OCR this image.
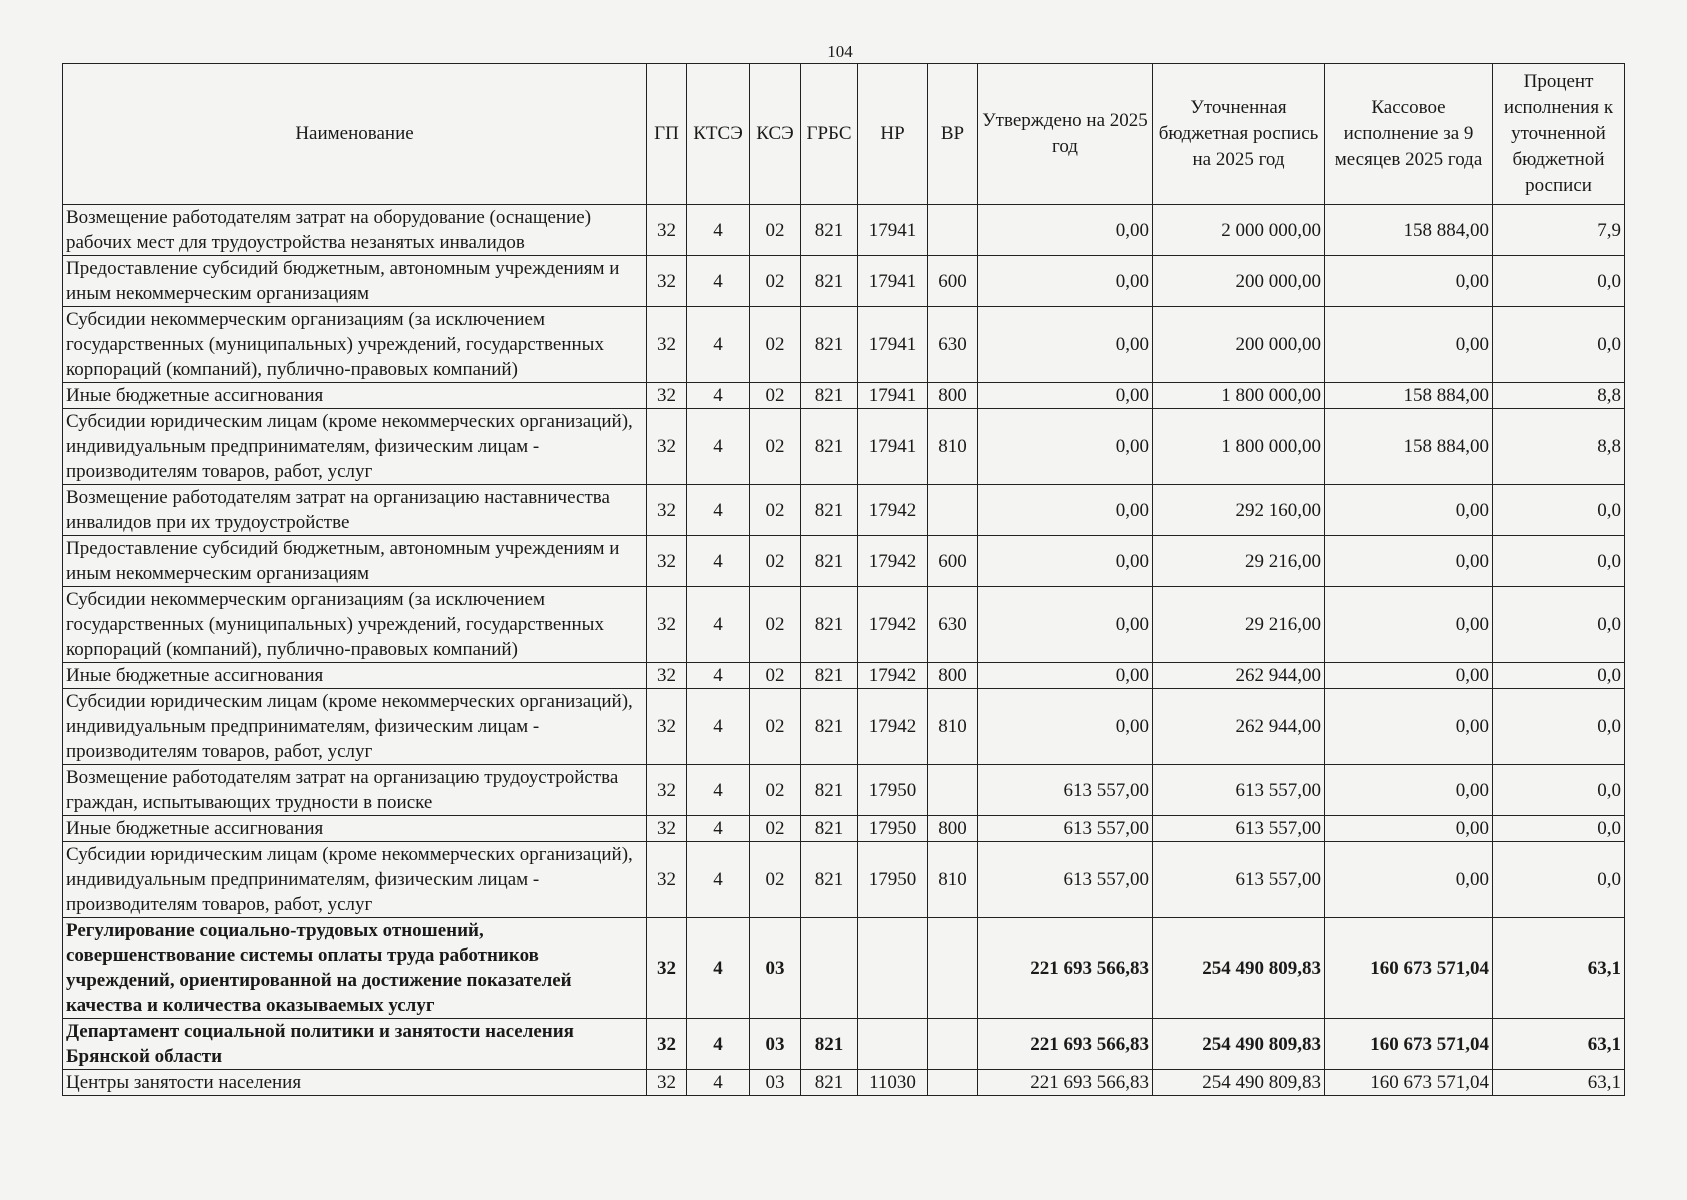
104
Наименование	ГП	КТСЭ	КСЭ	ГРБС	НР	ВР	Утверждено на 2025 год	Уточненная бюджетная роспись на 2025 год	Кассовое исполнение за 9 месяцев 2025 года	Процент исполнения к уточненной бюджетной росписи
Возмещение работодателям затрат на оборудование (оснащение) рабочих мест для трудоустройства незанятых инвалидов	32	4	02	821	17941		0,00	2 000 000,00	158 884,00	7,9
Предоставление субсидий бюджетным, автономным учреждениям и иным некоммерческим организациям	32	4	02	821	17941	600	0,00	200 000,00	0,00	0,0
Субсидии некоммерческим организациям (за исключением государственных (муниципальных) учреждений, государственных корпораций (компаний), публично-правовых компаний)	32	4	02	821	17941	630	0,00	200 000,00	0,00	0,0
Иные бюджетные ассигнования	32	4	02	821	17941	800	0,00	1 800 000,00	158 884,00	8,8
Субсидии юридическим лицам (кроме некоммерческих организаций), индивидуальным предпринимателям, физическим лицам - производителям товаров, работ, услуг	32	4	02	821	17941	810	0,00	1 800 000,00	158 884,00	8,8
Возмещение работодателям затрат на организацию наставничества инвалидов при их трудоустройстве	32	4	02	821	17942		0,00	292 160,00	0,00	0,0
Предоставление субсидий бюджетным, автономным учреждениям и иным некоммерческим организациям	32	4	02	821	17942	600	0,00	29 216,00	0,00	0,0
Субсидии некоммерческим организациям (за исключением государственных (муниципальных) учреждений, государственных корпораций (компаний), публично-правовых компаний)	32	4	02	821	17942	630	0,00	29 216,00	0,00	0,0
Иные бюджетные ассигнования	32	4	02	821	17942	800	0,00	262 944,00	0,00	0,0
Субсидии юридическим лицам (кроме некоммерческих организаций), индивидуальным предпринимателям, физическим лицам - производителям товаров, работ, услуг	32	4	02	821	17942	810	0,00	262 944,00	0,00	0,0
Возмещение работодателям затрат на организацию трудоустройства граждан, испытывающих трудности в поиске	32	4	02	821	17950		613 557,00	613 557,00	0,00	0,0
Иные бюджетные ассигнования	32	4	02	821	17950	800	613 557,00	613 557,00	0,00	0,0
Субсидии юридическим лицам (кроме некоммерческих организаций), индивидуальным предпринимателям, физическим лицам - производителям товаров, работ, услуг	32	4	02	821	17950	810	613 557,00	613 557,00	0,00	0,0
Регулирование социально-трудовых отношений, совершенствование системы оплаты труда работников учреждений, ориентированной на достижение показателей качества и количества оказываемых услуг	32	4	03				221 693 566,83	254 490 809,83	160 673 571,04	63,1
Департамент социальной политики и занятости населения Брянской области	32	4	03	821			221 693 566,83	254 490 809,83	160 673 571,04	63,1
Центры занятости населения	32	4	03	821	11030		221 693 566,83	254 490 809,83	160 673 571,04	63,1
